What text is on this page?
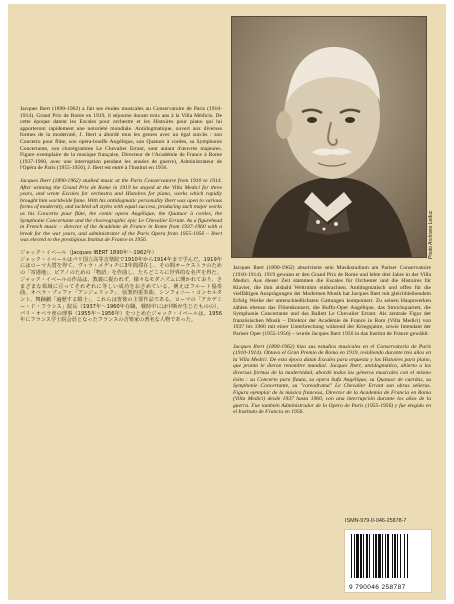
Jacques Ibert (1890-1962) a fait ses études musicales au Conservatoire de Paris (1910-1914). Grand Prix de Rome en 1919, il séjourne durant trois ans à la Villa Médicis. De cette époque datent les Escales pour orchestre et les Histoires pour piano qui lui apporteront rapidement une notoriété mondiale. Antidogmatique, ouvert aux diverses formes de la modernité, J. Ibert a abordé tous les genres avec un égal succès : son Concerto pour flûte, son opéra-bouffe Angélique, son Quatuor à cordes, sa Symphonie Concertante, son chorégramme Le Chevalier Errant, sont autant d'œuvres majeures. Figure exemplaire de la musique française, Directeur de l'Académie de France à Rome (1937-1960, avec une interruption pendant les années de guerre), Administrateur de l'Opéra de Paris (1955-1956), J. Ibert est entré à l'Institut en 1956.

Jacques Ibert (1890-1962) studied music at the Paris Conservatoire from 1910 to 1914. After winning the Grand Prix de Rome in 1919 he stayed at the Villa Medici for three years, and wrote Escales for orchestra and Histoires for piano, works which rapidly brought him worldwide fame. With his antidogmatic personality Ibert was open to various forms of modernity, and tackled all styles with equal success, producing such major works as his Concerto pour flûte, the comic opera Angélique, the Quatuor à cordes, the Symphonie Concertante and the choreographic epic Le Chevalier Errant. As a figurehead in French music – director of the Académie de France in Rome from 1937-1960 with a break for the war years, and administrator of the Paris Opera from 1955-1956 – Ibert was elected to the prestigious Institut de France in 1956.

ジャック・イベール（Jacques IBERT 1890年〜1962年）

ジャック・イベールはパリ国立高等音楽院で1910年から1914年まで学んだ。1919年にはローマ大賞を得て、ヴィラ・メディチに3年間滞在し、その間オーケストラのための「寄港地」、ピアノのための「物語」を作曲し、たちどころに世界的な名声を得た。ジャック・イベールの作品は、教義に捉われず、様々なモダニズムに開かれており、さまざまな領域に亘ってそれぞれに等しい成功をおさめている。例えばフルート協奏曲、オペラ・ブッファ「アンジェリック」、弦楽四重奏曲、シンフォニー・コンセルタント、舞踊劇「遍歴する騎士」、これらは皆彼の主要作品である。ローマの「アカデミー・ド・フランス」院長（1937年〜1960年在職、戦時中には中断が生じたものの）、パリ・オペラ座の理事（1955年〜1956年）をつとめたジャック・イベールは、1956年にフランス学士院会員となったフランスの音楽家の著名な人物であった。

Photo Archives Leduc

Jacques Ibert (1890-1962) absolvierte sein Musikstudium am Pariser Conservatoire (1910-1914). 1919 gewann er den Grand Prix de Rome und lebte drei Jahre in der Villa Medici. Aus dieser Zeit stammen die Escales für Orchester und die Histoires für Klavier, die ihm alsbald Weltruhm einbrachten. Antidogmatisch und offen für die vielfältigen Ausprägungen der Modernen Musik hat Jacques Ibert mit gleichbleibendem Erfolg Werke der unterschiedlichsten Gattungen komponiert. Zu seinen Hauptwerken zählen ebenso das Flötenkonzert, die Buffo-Oper Angélique, das Streichquartett, die Symphonie Concertante und das Ballett Le Chevalier Errant. Als zentrale Figur der französischen Musik – Direktor der Académie de France in Rom (Villa Medici) von 1937 bis 1960 mit einer Unterbrechung während der Kriegsjahre, sowie Intendant der Pariser Oper (1955-1956) – wurde Jacques Ibert 1956 in das Institut de France gewählt.

Jacques Ibert (1890-1962) hizo sus estudios musicales en el Conservatorio de París (1910-1914). Obtuvo el Gran Premio de Roma en 1919, residiendo durante tres años en la Villa Medici. De esta época datan Escales para orquesta y las Histoires para piano, que pronto le dieron renombre mundial. Jacques Ibert, antidogmático, abierto a las diversas formas de la modernidad, abordó todos los géneros musicales con el mismo éxito : su Concerto para flauta, su opera bufa Angélique, su Quatuor de cuerdas, su Symphonie Concertante, su "coreodrama" Le Chevalier Errant son obras señeras. Figura ejemplar de la música francesa, Director de la Academia de Francia en Roma (Villa Medici) desde 1937 hasta 1960, con una interrupción durante los años de la guerra. Fue también Administrador de la Opera de Paris (1955-1956) y fue elegido en el Instituto de Francia en 1956.

ISMN-979-0-046-25878-7
9 790046 258787
